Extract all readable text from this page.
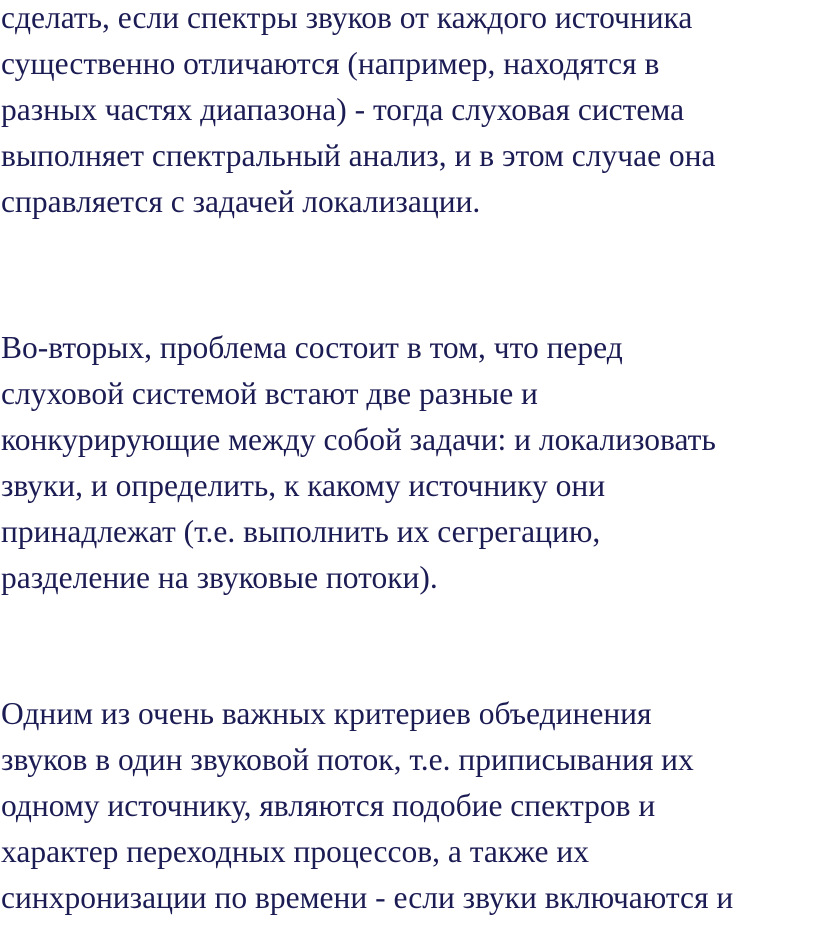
сделать, если спектры звуков от каждого источника
существенно отличаются (например, находятся в
разных частях диапазона) - тогда слуховая система
выполняет спектральный анализ, и в этом случае она
справляется с задачей локализации.
Во-вторых, проблема состоит в том, что перед
слуховой системой встают две разные и
конкурирующие между собой задачи: и локализовать
звуки, и определить, к какому источнику они
принадлежат (т.е. выполнить их сегрегацию,
разделение на звуковые потоки).
Одним из очень важных критериев объединения
звуков в один звуковой поток, т.е. приписывания их
одному источнику, являются подобие спектров и
характер переходных процессов, а также их
синхронизации по времени - если звуки включаются и
